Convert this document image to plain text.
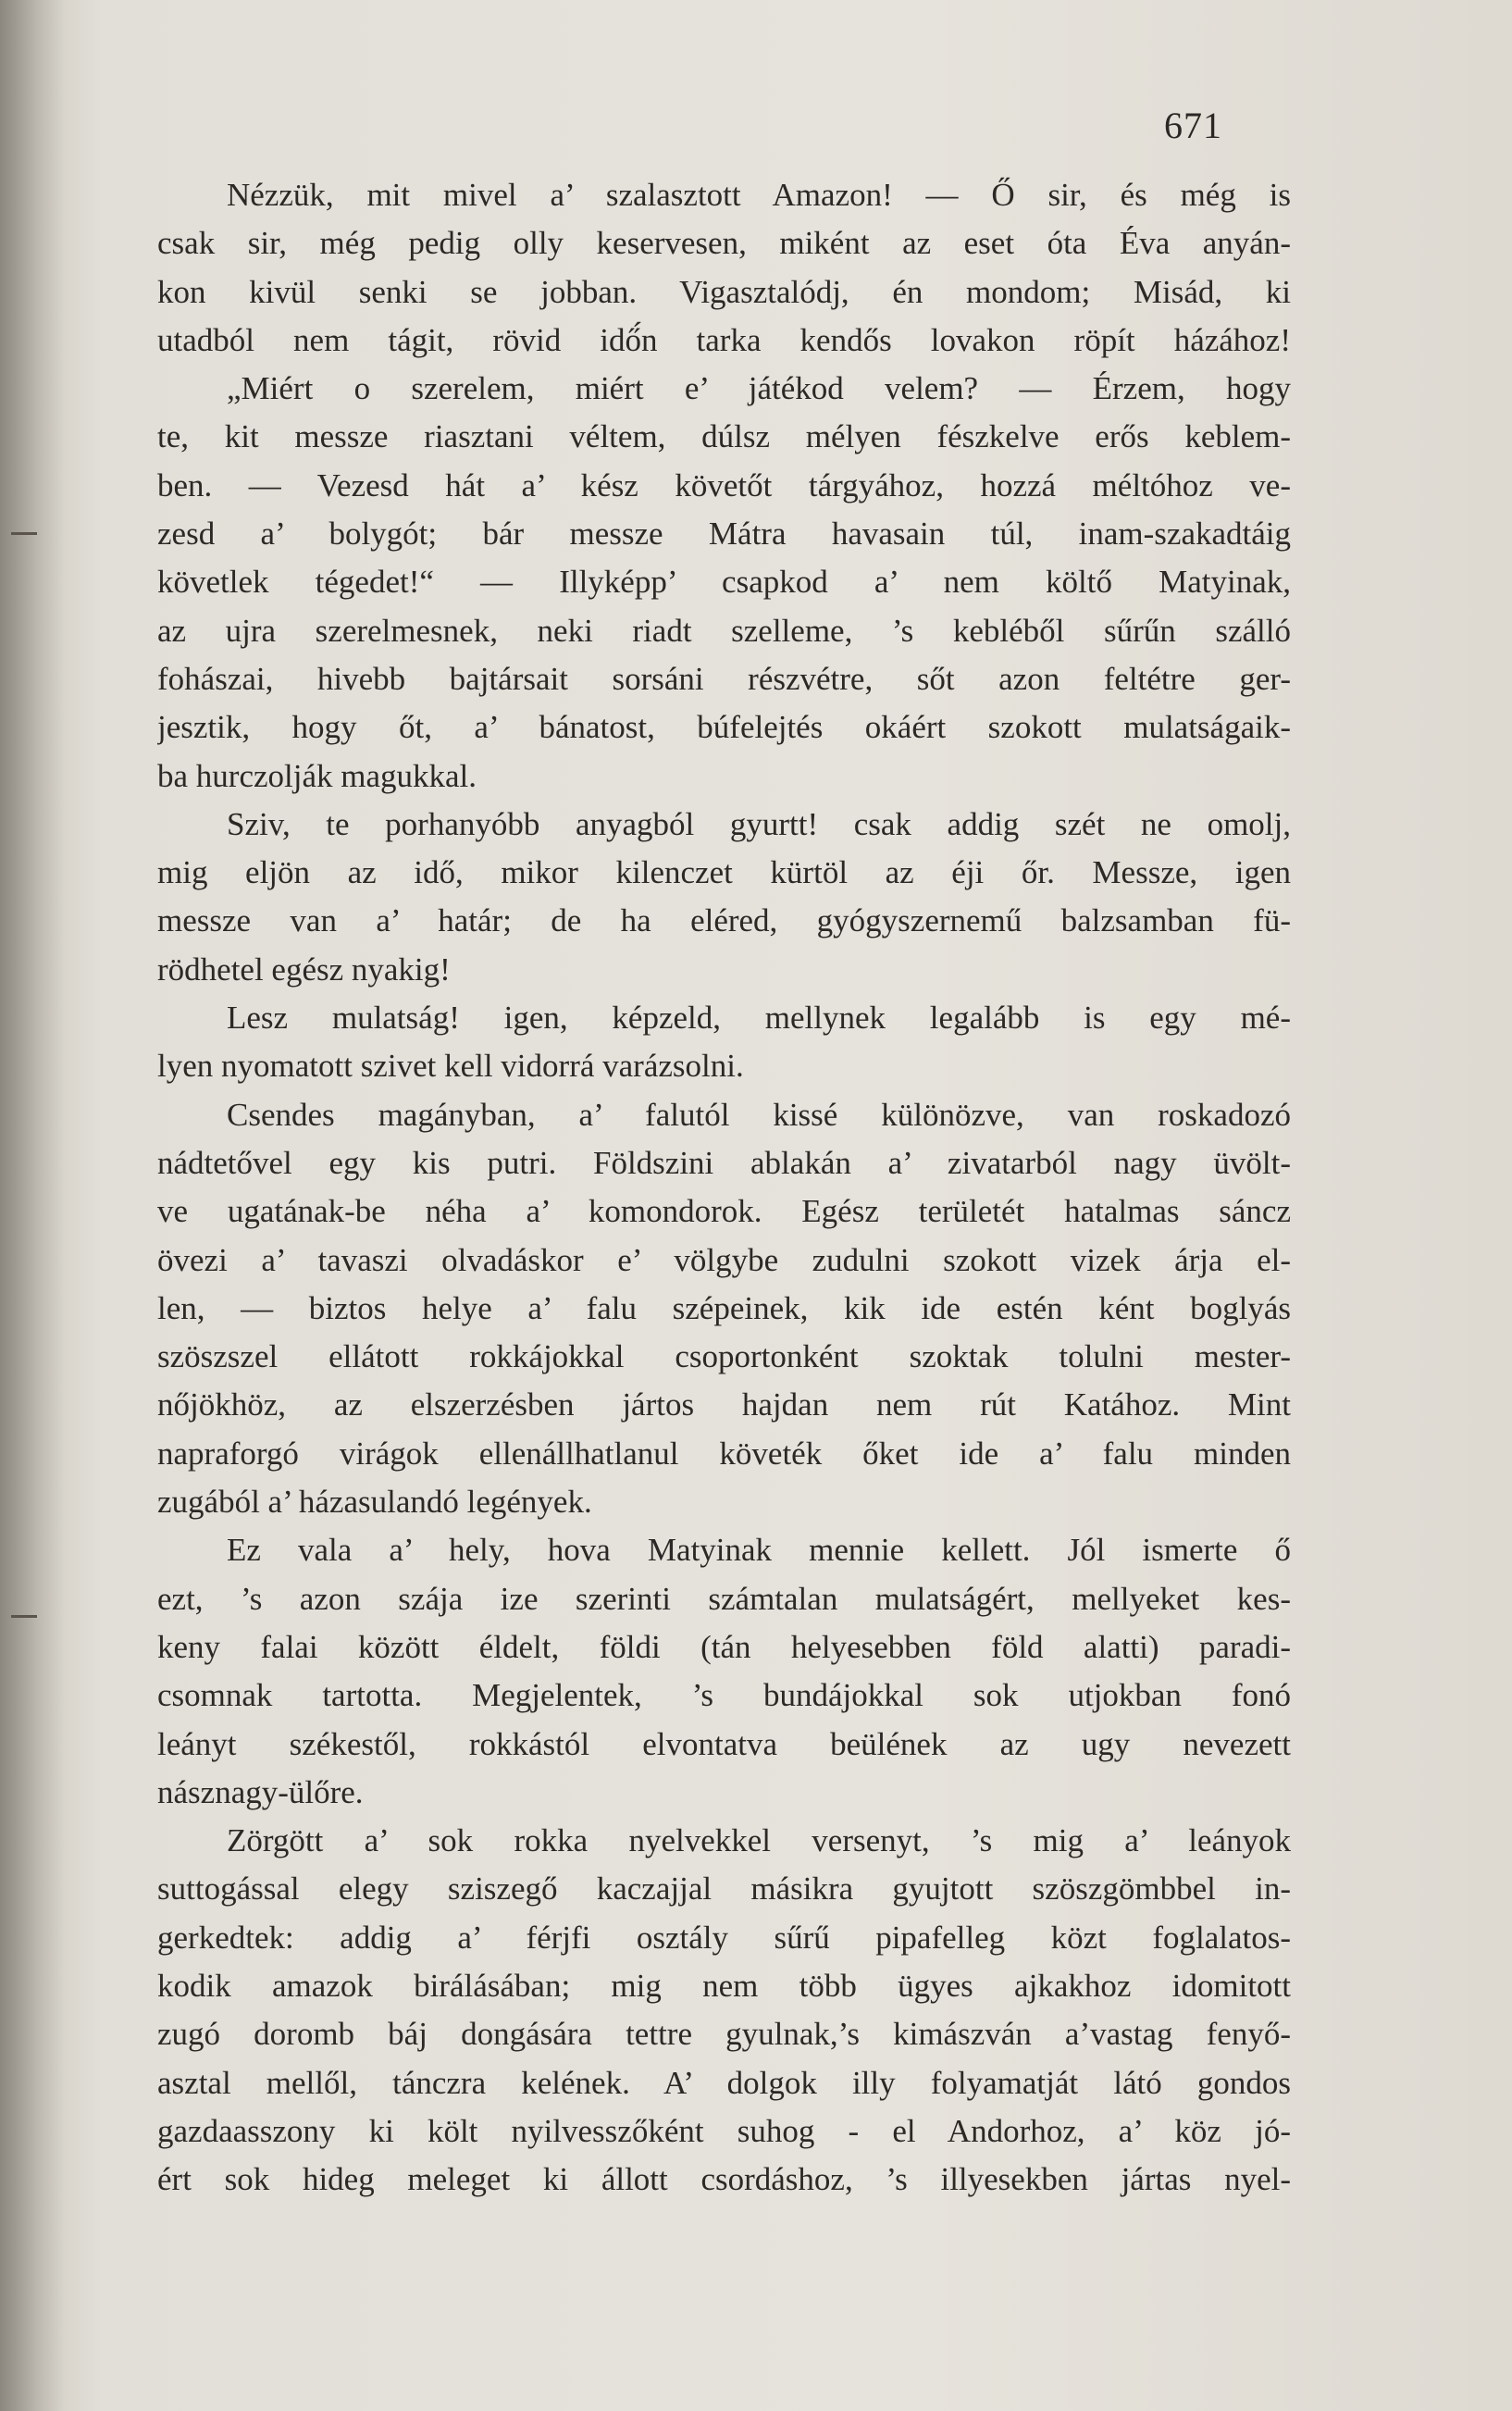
671
Nézzük, mit mivel a’ szalasztott Amazon! — Ő sir, és még is
csak sir, még pedig olly keservesen, miként az eset óta Éva anyán-
kon kivül senki se jobban. Vigasztalódj, én mondom; Misád, ki
utadból nem tágit, rövid idő́n tarka kendős lovakon röpít házához!
„Miért o szerelem, miért e’ játékod velem? — Érzem, hogy
te, kit messze riasztani véltem, dúlsz mélyen fészkelve erős keblem-
ben. — Vezesd hát a’ kész követőt tárgyához, hozzá méltóhoz ve-
zesd a’ bolygót; bár messze Mátra havasain túl, inam-szakadtáig
követlek tégedet!“ — Illyképp’ csapkod a’ nem költő Matyinak,
az ujra szerelmesnek, neki riadt szelleme, ’s kebléből sűrűn szálló
fohászai, hivebb bajtársait sorsáni részvétre, sőt azon feltétre ger-
jesztik, hogy őt, a’ bánatost, búfelejtés okáért szokott mulatságaik-
ba hurczolják magukkal.
Sziv, te porhanyóbb anyagból gyurtt! csak addig szét ne omolj,
mig eljön az idő, mikor kilenczet kürtöl az éji őr. Messze, igen
messze van a’ határ; de ha eléred, gyógyszernemű balzsamban fü-
rödhetel egész nyakig!
Lesz mulatság! igen, képzeld, mellynek legalább is egy mé-
lyen nyomatott szivet kell vidorrá varázsolni.
Csendes magányban, a’ falutól kissé különözve, van roskadozó
nádtetővel egy kis putri. Földszini ablakán a’ zivatarból nagy üvölt-
ve ugatának-be néha a’ komondorok. Egész területét hatalmas sáncz
övezi a’ tavaszi olvadáskor e’ völgybe zudulni szokott vizek árja el-
len, — biztos helye a’ falu szépeinek, kik ide estén ként boglyás
szöszszel ellátott rokkájokkal csoportonként szoktak tolulni mester-
nőjökhöz, az elszerzésben jártos hajdan nem rút Katához. Mint
napraforgó virágok ellenállhatlanul követék őket ide a’ falu minden
zugából a’ házasulandó legények.
Ez vala a’ hely, hova Matyinak mennie kellett. Jól ismerte ő
ezt, ’s azon szája ize szerinti számtalan mulatságért, mellyeket kes-
keny falai között éldelt, földi (tán helyesebben föld alatti) paradi-
csomnak tartotta. Megjelentek, ’s bundájokkal sok utjokban fonó
leányt székestől, rokkástól elvontatva beülének az ugy nevezett
násznagy-ülőre.
Zörgött a’ sok rokka nyelvekkel versenyt, ’s mig a’ leányok
suttogással elegy sziszegő kaczajjal másikra gyujtott szöszgömbbel in-
gerkedtek: addig a’ férjfi osztály sűrű pipafelleg közt foglalatos-
kodik amazok birálásában; mig nem több ügyes ajkakhoz idomitott
zugó doromb báj dongására tettre gyulnak,’s kimászván a’vastag fenyő-
asztal mellől, tánczra kelének. A’ dolgok illy folyamatját látó gondos
gazdaasszony ki költ nyilvesszőként suhog - el Andorhoz, a’ köz jó-
ért sok hideg meleget ki állott csordáshoz, ’s illyesekben jártas nyel-
